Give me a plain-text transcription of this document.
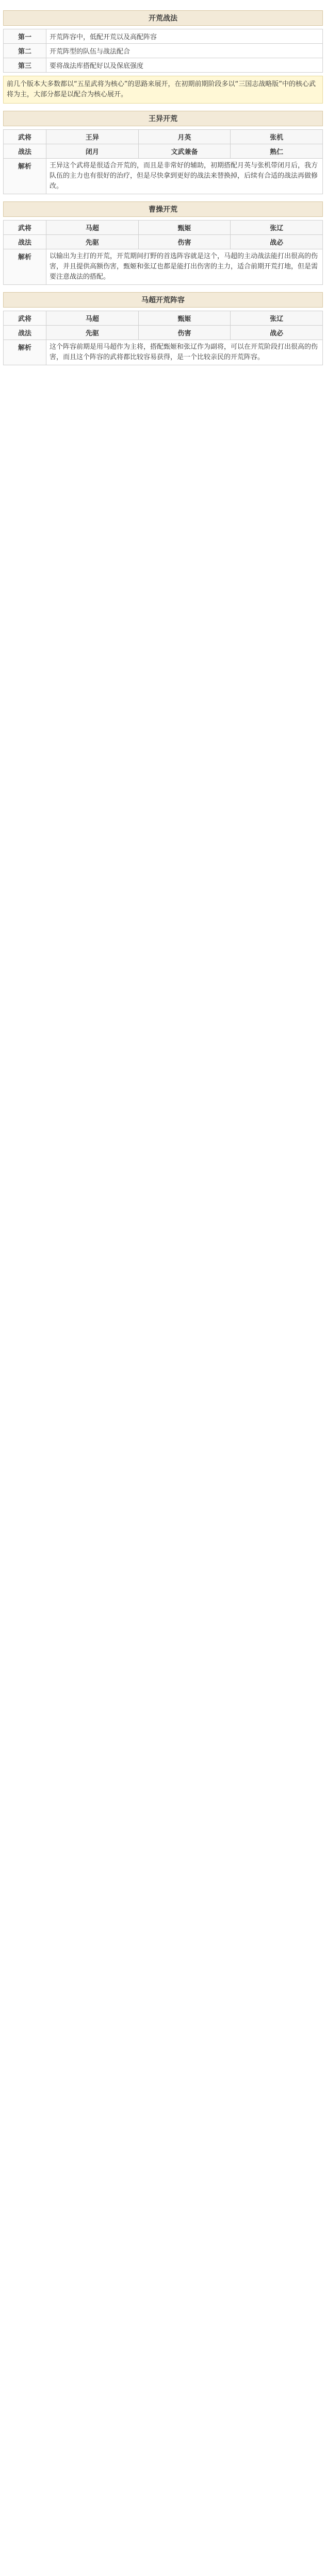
开荒战法
第一	开荒阵容中，低配开荒以及高配阵容
第二	开荒阵型的队伍与战法配合
第三	要将战法库搭配好以及保底强度
前几个版本大多数都以“五星武将为核心”的思路来展开，在初期前期阶段多以“三国志战略版”中的核心武将为主，大部分都是以配合为核心展开。
王异开荒
武将	王异	月英	张机
战法	闭月	文武兼备	熟仁
解析	王异这个武将是很适合开荒的，而且是非常好的辅助，初期搭配月英与张机带闭月后，我方队伍的主力也有很好的治疗，但是尽快拿到更好的战法来替换掉，后续有合适的战法再做修改。		
曹操开荒
武将	马超	甄姬	张辽
战法	先驱	伤害	战必
解析	以输出为主打的开荒，开荒期间打野的首选阵容就是这个，马超的主动战法能打出很高的伤害，并且提供高额伤害，甄姬和张辽也都是能打出伤害的主力，适合前期开荒打地，但是需要注意战法的搭配。		
马超开荒阵容
武将	马超	甄姬	张辽
战法	先驱	伤害	战必
解析	这个阵容前期是用马超作为主将，搭配甄姬和张辽作为副将，可以在开荒阶段打出很高的伤害，而且这个阵容的武将都比较容易获得，是一个比较亲民的开荒阵容。		
